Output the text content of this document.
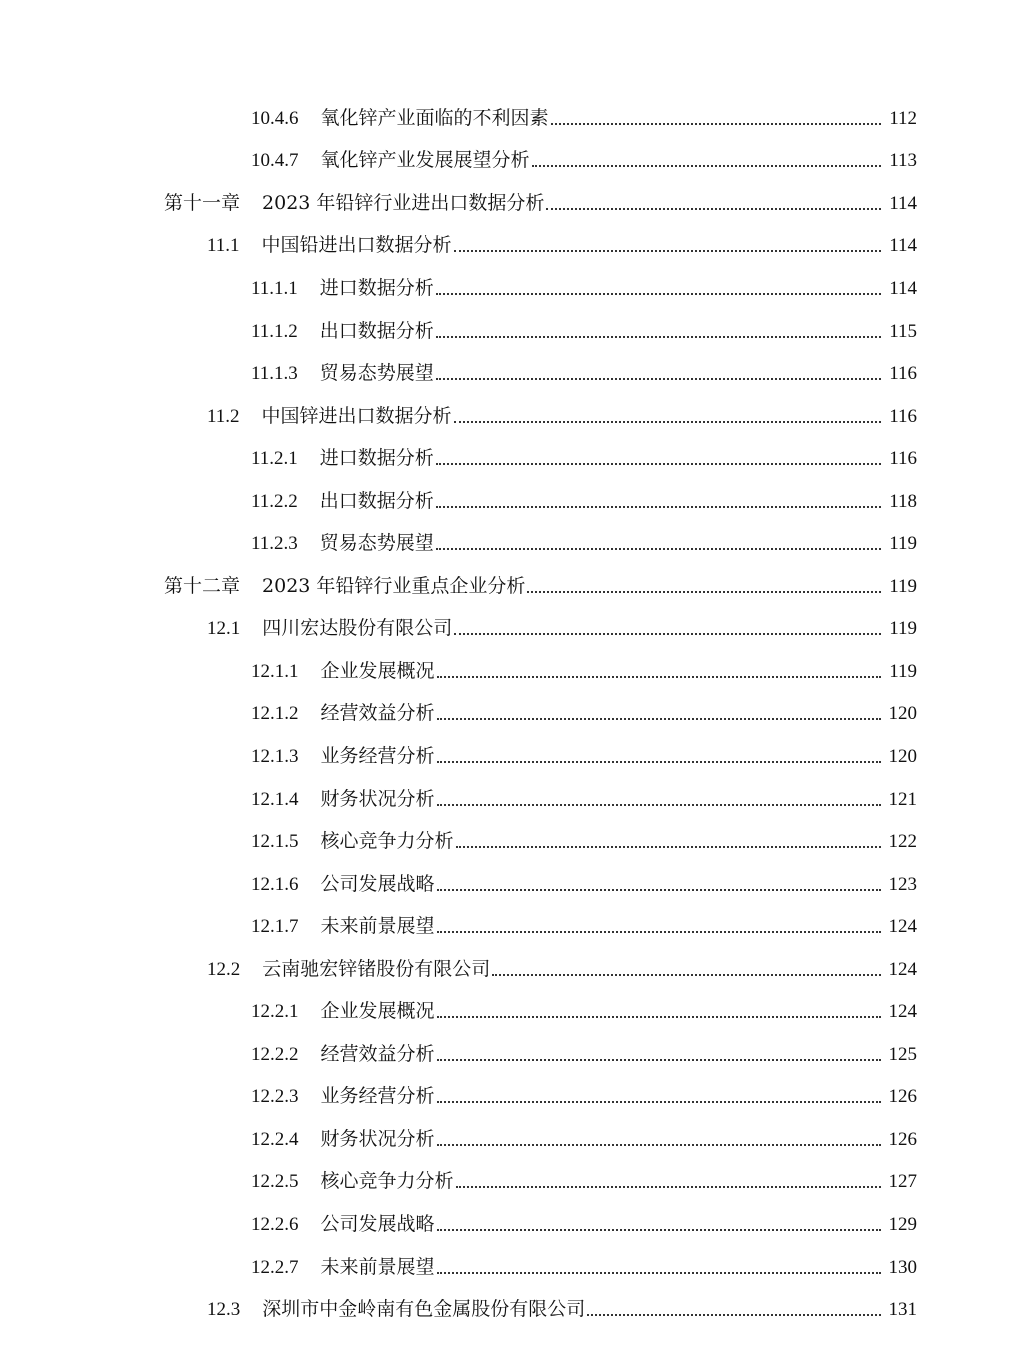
10.4.6 氧化锌产业面临的不利因素	112
10.4.7 氧化锌产业发展展望分析	113
第十一章 2023 年铅锌行业进出口数据分析	114
11.1 中国铅进出口数据分析	114
11.1.1 进口数据分析	114
11.1.2 出口数据分析	115
11.1.3 贸易态势展望	116
11.2 中国锌进出口数据分析	116
11.2.1 进口数据分析	116
11.2.2 出口数据分析	118
11.2.3 贸易态势展望	119
第十二章 2023 年铅锌行业重点企业分析	119
12.1 四川宏达股份有限公司	119
12.1.1 企业发展概况	119
12.1.2 经营效益分析	120
12.1.3 业务经营分析	120
12.1.4 财务状况分析	121
12.1.5 核心竞争力分析	122
12.1.6 公司发展战略	123
12.1.7 未来前景展望	124
12.2 云南驰宏锌锗股份有限公司	124
12.2.1 企业发展概况	124
12.2.2 经营效益分析	125
12.2.3 业务经营分析	126
12.2.4 财务状况分析	126
12.2.5 核心竞争力分析	127
12.2.6 公司发展战略	129
12.2.7 未来前景展望	130
12.3 深圳市中金岭南有色金属股份有限公司	131
